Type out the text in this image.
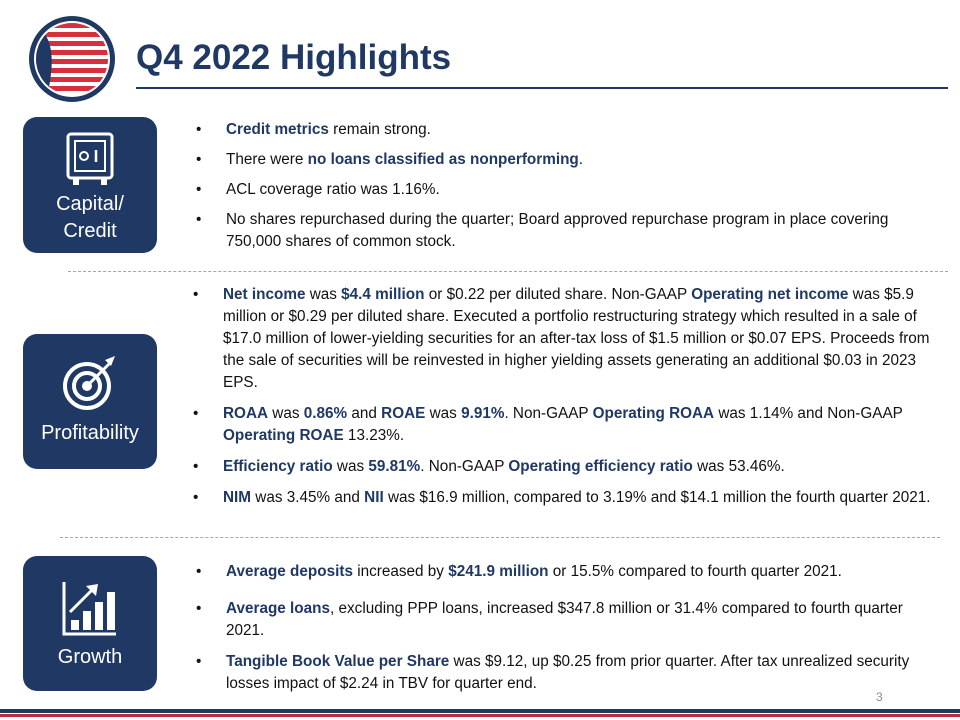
Q4 2022 Highlights
Capital/
Credit
• Credit metrics remain strong.
• There were no loans classified as nonperforming.
• ACL coverage ratio was 1.16%.
• No shares repurchased during the quarter; Board approved repurchase program in place covering 750,000 shares of common stock.
Profitability
• Net income was $4.4 million or $0.22 per diluted share. Non-GAAP Operating net income was $5.9 million or $0.29 per diluted share. Executed a portfolio restructuring strategy which resulted in a sale of $17.0 million of lower-yielding securities for an after-tax loss of $1.5 million or $0.07 EPS. Proceeds from the sale of securities will be reinvested in higher yielding assets generating an additional $0.03 in 2023 EPS.
• ROAA was 0.86% and ROAE was 9.91%. Non-GAAP Operating ROAA was 1.14% and Non-GAAP Operating ROAE 13.23%.
• Efficiency ratio was 59.81%. Non-GAAP Operating efficiency ratio was 53.46%.
• NIM was 3.45% and NII was $16.9 million, compared to 3.19% and $14.1 million the fourth quarter 2021.
Growth
• Average deposits increased by $241.9 million or 15.5% compared to fourth quarter 2021.
• Average loans, excluding PPP loans, increased $347.8 million or 31.4% compared to fourth quarter 2021.
• Tangible Book Value per Share was $9.12, up $0.25 from prior quarter. After tax unrealized security losses impact of $2.24 in TBV for quarter end.
3
